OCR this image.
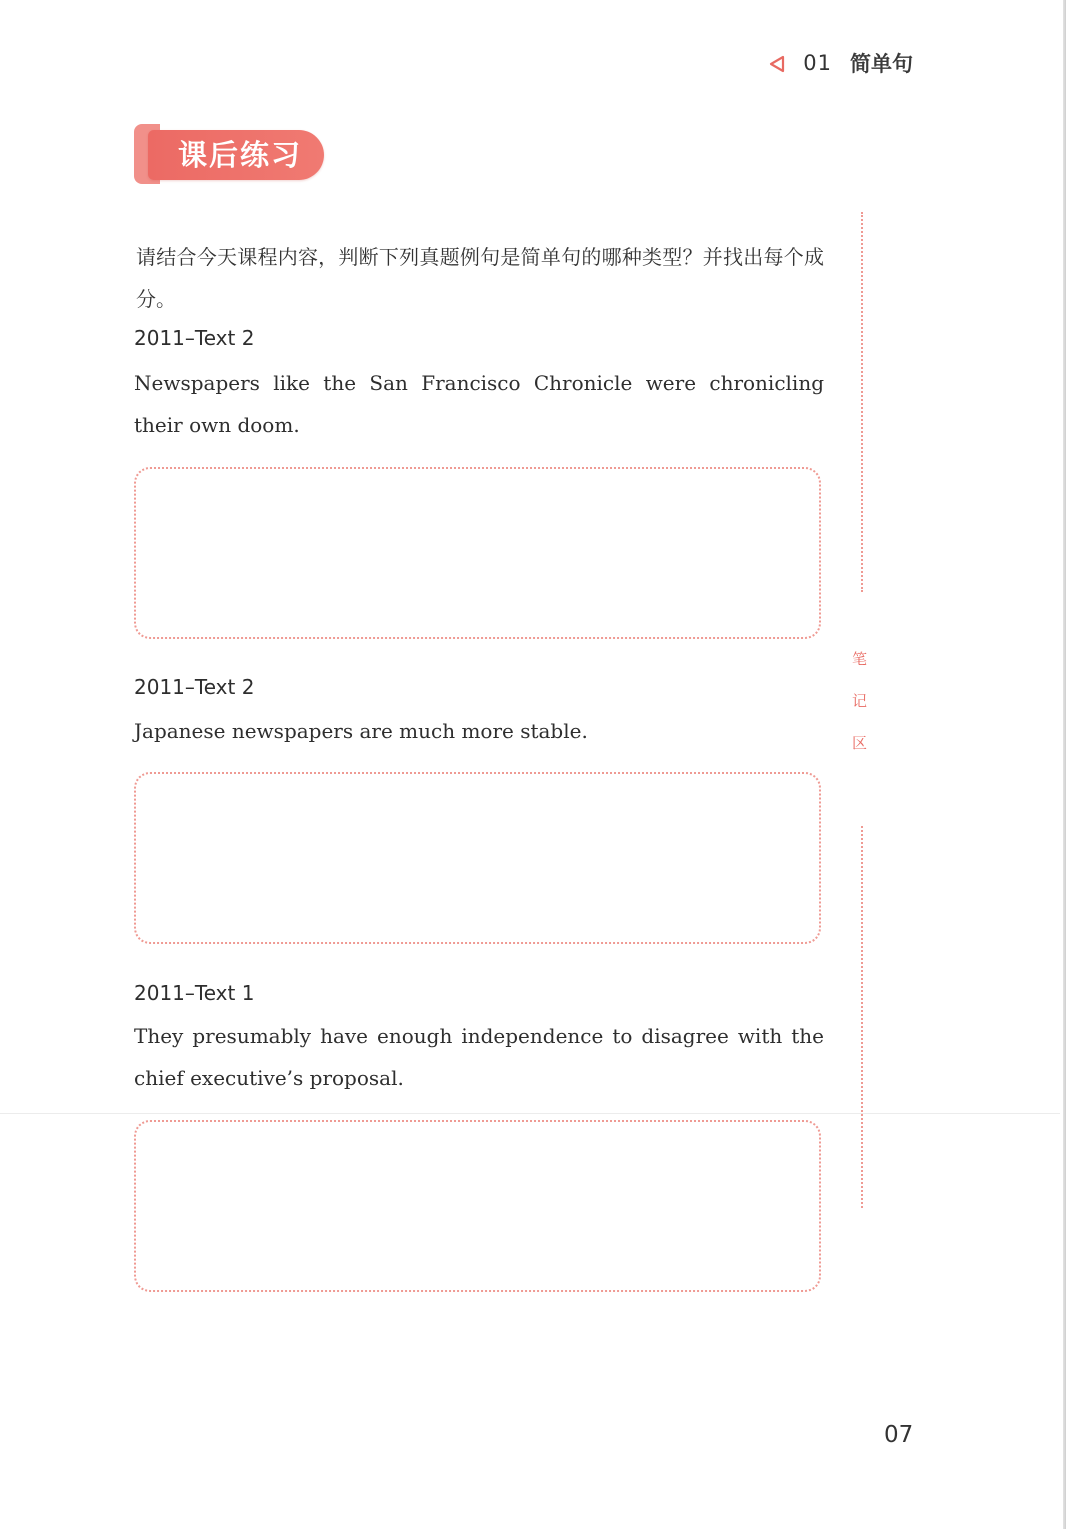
01 简单句
课后练习
请结合今天课程内容，判断下列真题例句是简单句的哪种类型？并找出每个成分。
2011–Text 2
Newspapers like the San Francisco Chronicle were chronicling their own doom.
2011–Text 2
Japanese newspapers are much more stable.
2011–Text 1
They presumably have enough independence to disagree with the chief executive’s proposal.
笔
记
区
07
